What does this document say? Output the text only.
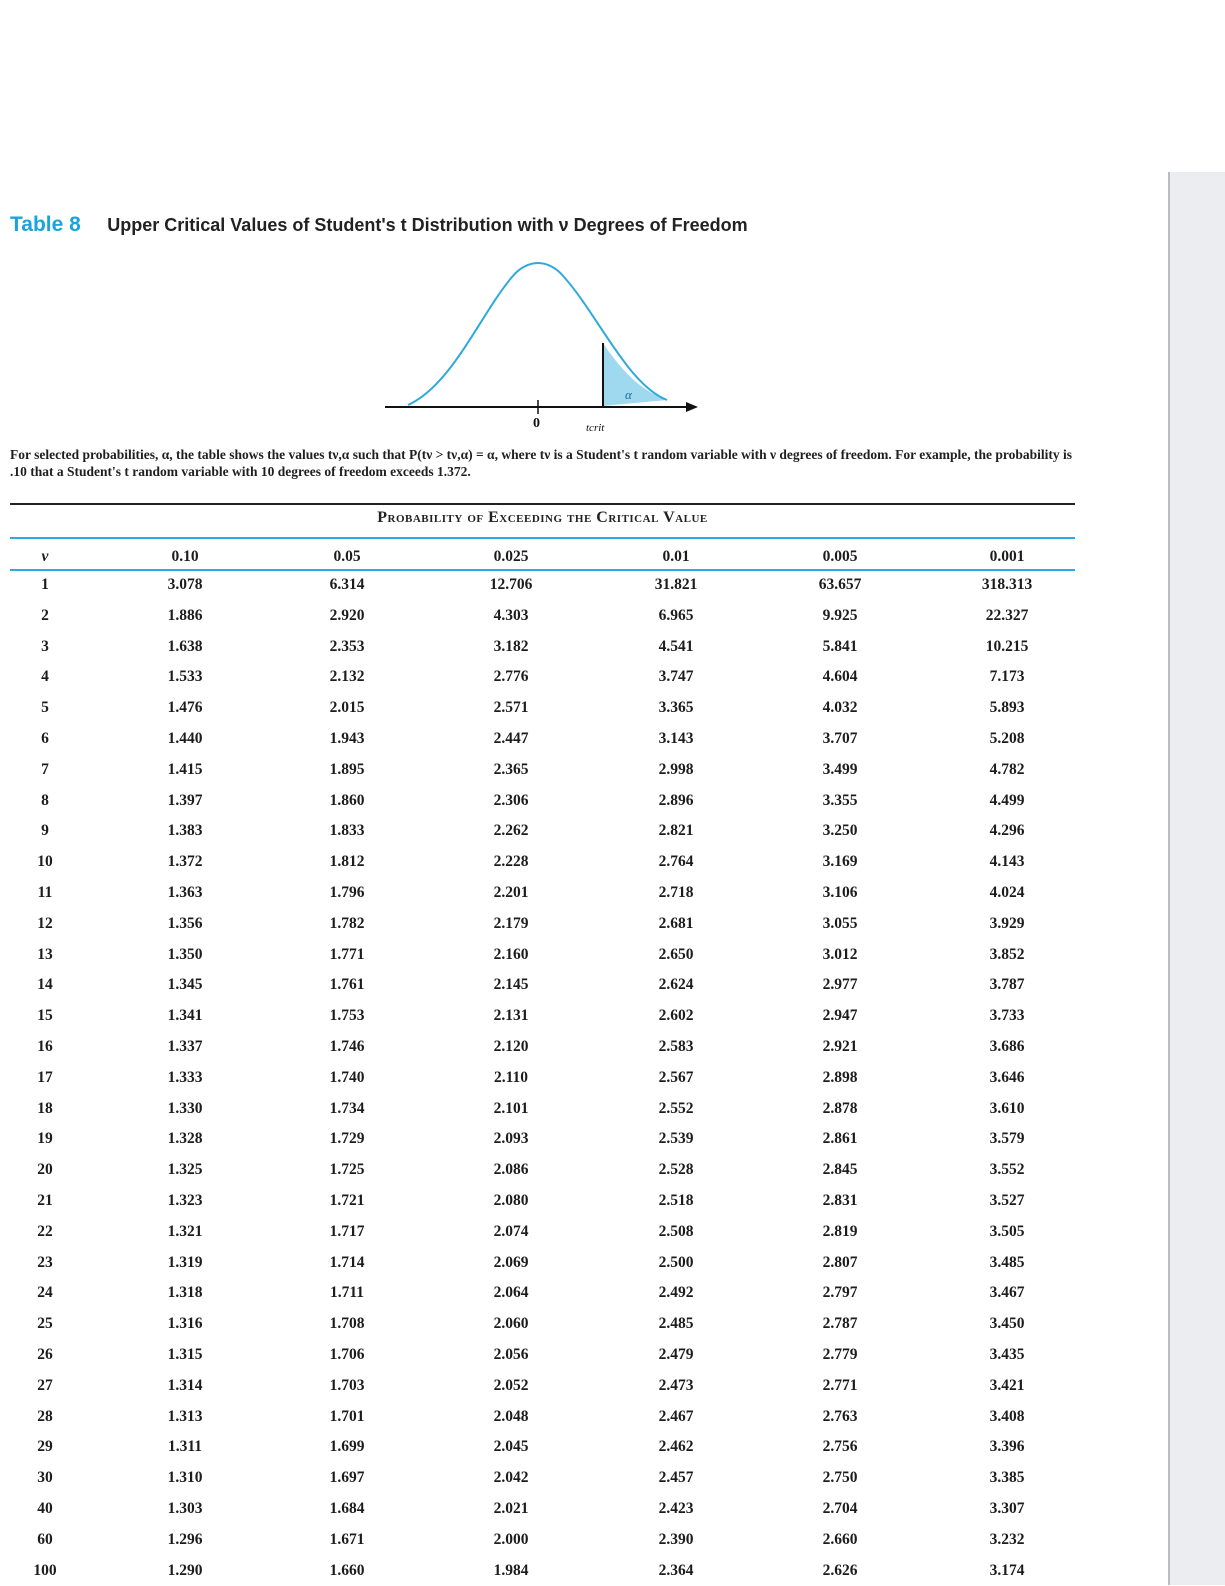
Table 8 Upper Critical Values of Student's t Distribution with ν Degrees of Freedom
α
0	tcrit
For selected probabilities, α, the table shows the values tν,α such that P(tν > tν,α) = α, where tν is a Student's t random variable with ν degrees of freedom. For example, the probability is .10 that a Student's t random variable with 10 degrees of freedom exceeds 1.372.
Probability of Exceeding the Critical Value
ν	0.10	0.05	0.025	0.01	0.005	0.001
1	3.078	6.314	12.706	31.821	63.657	318.313
2	1.886	2.920	4.303	6.965	9.925	22.327
3	1.638	2.353	3.182	4.541	5.841	10.215
4	1.533	2.132	2.776	3.747	4.604	7.173
5	1.476	2.015	2.571	3.365	4.032	5.893
6	1.440	1.943	2.447	3.143	3.707	5.208
7	1.415	1.895	2.365	2.998	3.499	4.782
8	1.397	1.860	2.306	2.896	3.355	4.499
9	1.383	1.833	2.262	2.821	3.250	4.296
10	1.372	1.812	2.228	2.764	3.169	4.143
11	1.363	1.796	2.201	2.718	3.106	4.024
12	1.356	1.782	2.179	2.681	3.055	3.929
13	1.350	1.771	2.160	2.650	3.012	3.852
14	1.345	1.761	2.145	2.624	2.977	3.787
15	1.341	1.753	2.131	2.602	2.947	3.733
16	1.337	1.746	2.120	2.583	2.921	3.686
17	1.333	1.740	2.110	2.567	2.898	3.646
18	1.330	1.734	2.101	2.552	2.878	3.610
19	1.328	1.729	2.093	2.539	2.861	3.579
20	1.325	1.725	2.086	2.528	2.845	3.552
21	1.323	1.721	2.080	2.518	2.831	3.527
22	1.321	1.717	2.074	2.508	2.819	3.505
23	1.319	1.714	2.069	2.500	2.807	3.485
24	1.318	1.711	2.064	2.492	2.797	3.467
25	1.316	1.708	2.060	2.485	2.787	3.450
26	1.315	1.706	2.056	2.479	2.779	3.435
27	1.314	1.703	2.052	2.473	2.771	3.421
28	1.313	1.701	2.048	2.467	2.763	3.408
29	1.311	1.699	2.045	2.462	2.756	3.396
30	1.310	1.697	2.042	2.457	2.750	3.385
40	1.303	1.684	2.021	2.423	2.704	3.307
60	1.296	1.671	2.000	2.390	2.660	3.232
100	1.290	1.660	1.984	2.364	2.626	3.174
